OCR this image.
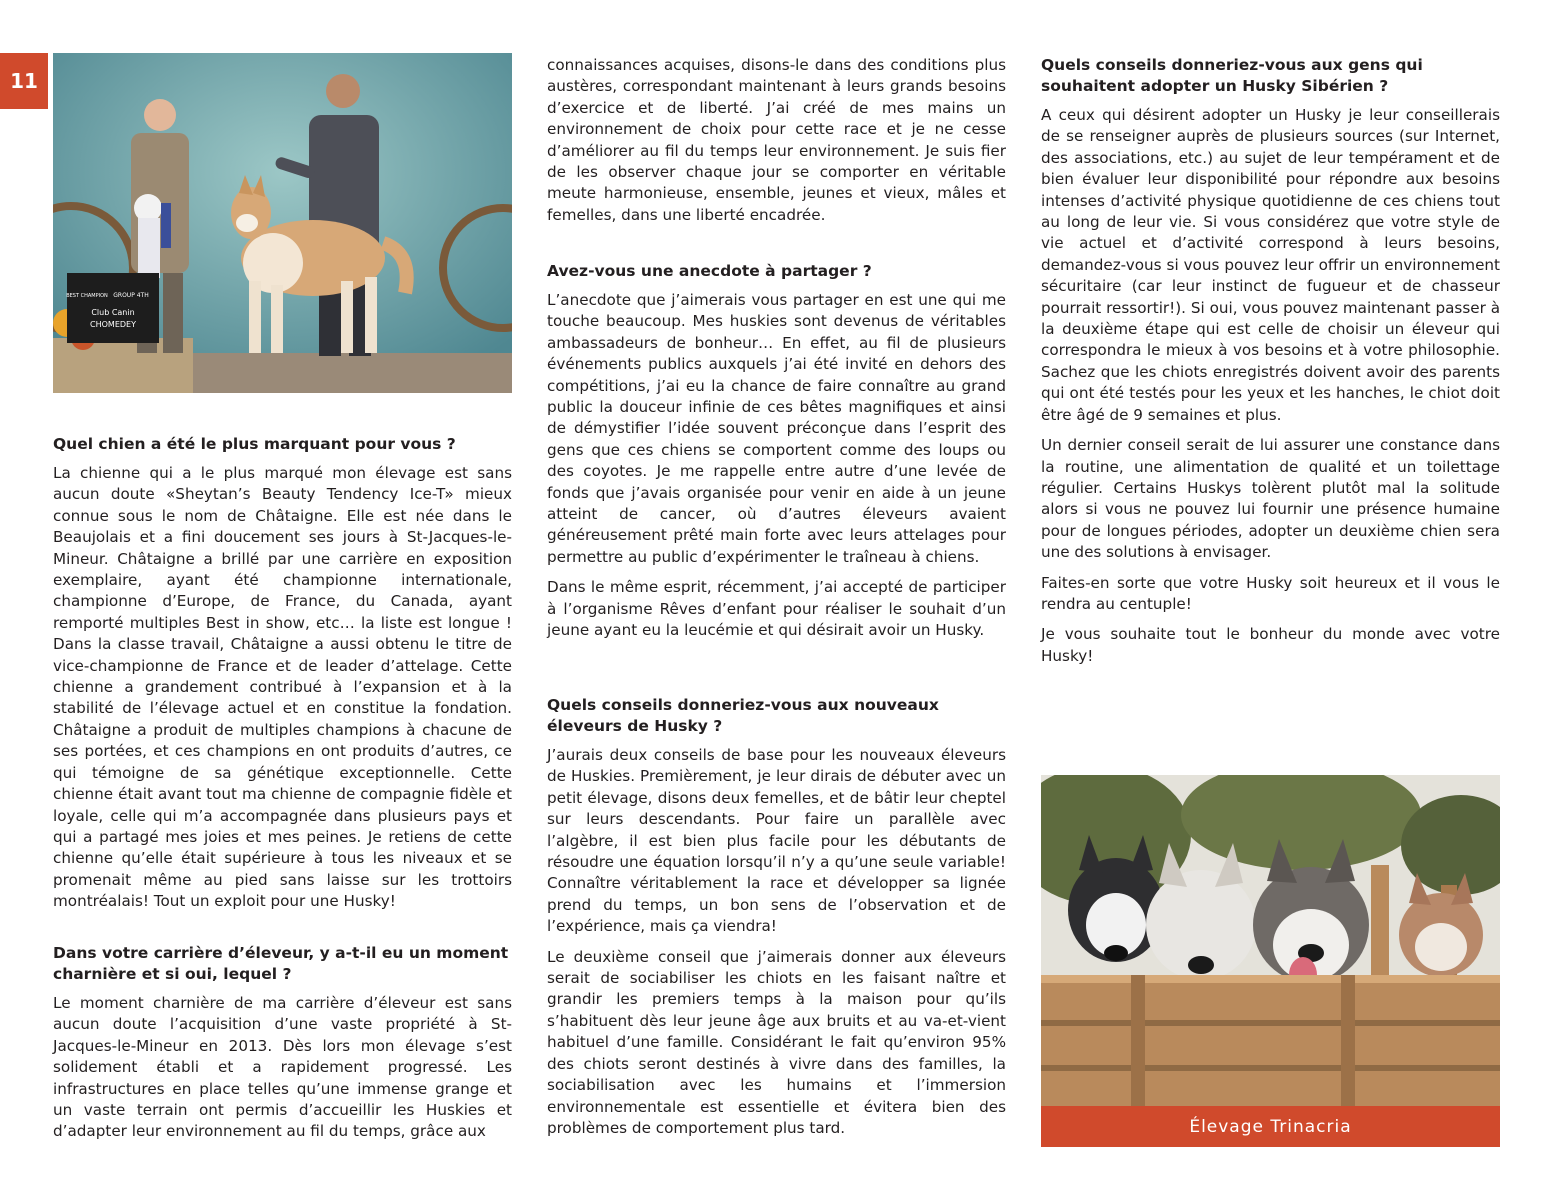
11
Club Canin
CHOMEDEY
GROUP 4TH
BEST CHAMPION
Quel chien a été le plus marquant pour vous ?

La chienne qui a le plus marqué mon élevage est sans aucun doute «Sheytan’s Beauty Tendency Ice-T» mieux connue sous le nom de Châtaigne. Elle est née dans le Beaujolais et a fini doucement ses jours à St-Jacques-le-Mineur. Châtaigne a brillé par une carrière en exposition exemplaire, ayant été championne internationale, championne d’Europe, de France, du Canada, ayant remporté multiples Best in show, etc… la liste est longue ! Dans la classe travail, Châtaigne a aussi obtenu le titre de vice-championne de France et de leader d’attelage. Cette chienne a grandement contribué à l’expansion et à la stabilité de l’élevage actuel et en constitue la fondation. Châtaigne a produit de multiples champions à chacune de ses portées, et ces champions en ont produits d’autres, ce qui témoigne de sa génétique exceptionnelle. Cette chienne était avant tout ma chienne de compagnie fidèle et loyale, celle qui m’a accompagnée dans plusieurs pays et qui a partagé mes joies et mes peines. Je retiens de cette chienne qu’elle était supérieure à tous les niveaux et se promenait même au pied sans laisse sur les trottoirs montréalais! Tout un exploit pour une Husky!

Dans votre carrière d’éleveur, y a-t-il eu un moment charnière et si oui, lequel ?

Le moment charnière de ma carrière d’éleveur est sans aucun doute l’acquisition d’une vaste propriété à St-Jacques-le-Mineur en 2013. Dès lors mon élevage s’est solidement établi et a rapidement progressé. Les infrastructures en place telles qu’une immense grange et un vaste terrain ont permis d’accueillir les Huskies et d’adapter leur environnement au fil du temps, grâce aux

connaissances acquises, disons-le dans des conditions plus austères, correspondant maintenant à leurs grands besoins d’exercice et de liberté. J’ai créé de mes mains un environnement de choix pour cette race et je ne cesse d’améliorer au fil du temps leur environnement. Je suis fier de les observer chaque jour se comporter en véritable meute harmonieuse, ensemble, jeunes et vieux, mâles et femelles, dans une liberté encadrée.

Avez-vous une anecdote à partager ?

L’anecdote que j’aimerais vous partager en est une qui me touche beaucoup. Mes huskies sont devenus de véritables ambassadeurs de bonheur… En effet, au fil de plusieurs événements publics auxquels j’ai été invité en dehors des compétitions, j’ai eu la chance de faire connaître au grand public la douceur infinie de ces bêtes magnifiques et ainsi de démystifier l’idée souvent préconçue dans l’esprit des gens que ces chiens se comportent comme des loups ou des coyotes. Je me rappelle entre autre d’une levée de fonds que j’avais organisée pour venir en aide à un jeune atteint de cancer, où d’autres éleveurs avaient généreusement prêté main forte avec leurs attelages pour permettre au public d’expérimenter le traîneau à chiens.

Dans le même esprit, récemment, j’ai accepté de participer à l’organisme Rêves d’enfant pour réaliser le souhait d’un jeune ayant eu la leucémie et qui désirait avoir un Husky.

Quels conseils donneriez-vous aux nouveaux éleveurs de Husky ?

J’aurais deux conseils de base pour les nouveaux éleveurs de Huskies. Premièrement, je leur dirais de débuter avec un petit élevage, disons deux femelles, et de bâtir leur cheptel sur leurs descendants. Pour faire un parallèle avec l’algèbre, il est bien plus facile pour les débutants de résoudre une équation lorsqu’il n’y a qu’une seule variable! Connaître véritablement la race et développer sa lignée prend du temps, un bon sens de l’observation et de l’expérience, mais ça viendra!

Le deuxième conseil que j’aimerais donner aux éleveurs serait de sociabiliser les chiots en les faisant naître et grandir les premiers temps à la maison pour qu’ils s’habituent dès leur jeune âge aux bruits et au va-et-vient habituel d’une famille. Considérant le fait qu’environ 95% des chiots seront destinés à vivre dans des familles, la sociabilisation avec les humains et l’immersion environnementale est essentielle et évitera bien des problèmes de comportement plus tard.

Quels conseils donneriez-vous aux gens qui souhaitent adopter un Husky Sibérien ?

A ceux qui désirent adopter un Husky je leur conseillerais de se renseigner auprès de plusieurs sources (sur Internet, des associations, etc.) au sujet de leur tempérament et de bien évaluer leur disponibilité pour répondre aux besoins intenses d’activité physique quotidienne de ces chiens tout au long de leur vie. Si vous considérez que votre style de vie actuel et d’activité correspond à leurs besoins, demandez-vous si vous pouvez leur offrir un environnement sécuritaire (car leur instinct de fugueur et de chasseur pourrait ressortir!). Si oui, vous pouvez maintenant passer à la deuxième étape qui est celle de choisir un éleveur qui correspondra le mieux à vos besoins et à votre philosophie. Sachez que les chiots enregistrés doivent avoir des parents qui ont été testés pour les yeux et les hanches, le chiot doit être âgé de 9 semaines et plus.

Un dernier conseil serait de lui assurer une constance dans la routine, une alimentation de qualité et un toilettage régulier. Certains Huskys tolèrent plutôt mal la solitude alors si vous ne pouvez lui fournir une présence humaine pour de longues périodes, adopter un deuxième chien sera une des solutions à envisager.

Faites-en sorte que votre Husky soit heureux et il vous le rendra au centuple!

Je vous souhaite tout le bonheur du monde avec votre Husky!

Élevage Trinacria
